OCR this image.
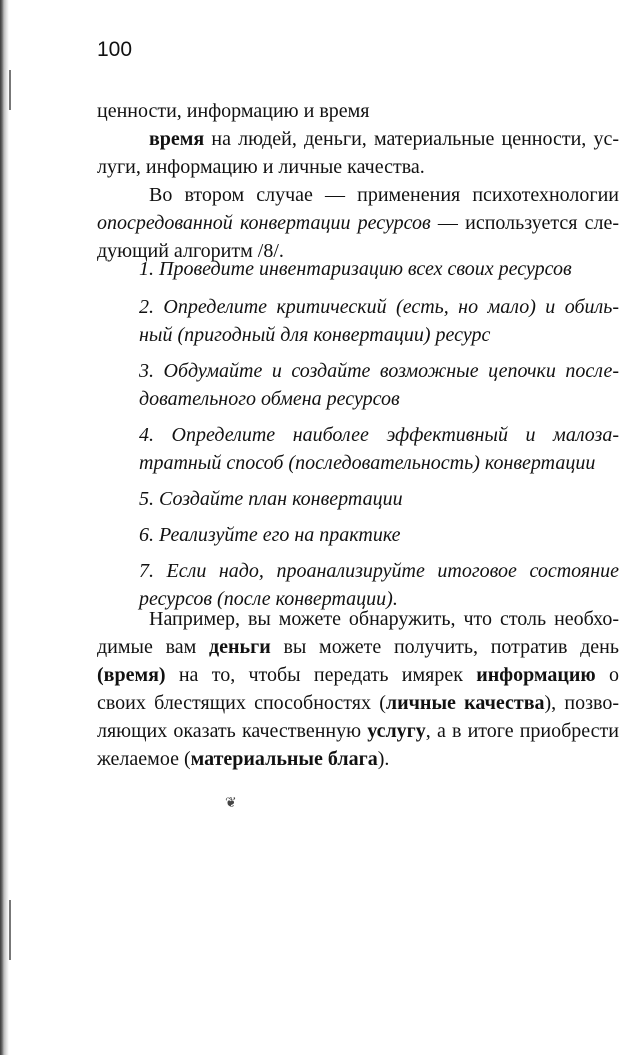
100
ценности, информацию и время
время на людей, деньги, материальные ценности, ус-
луги, информацию и личные качества.
Во втором случае — применения психотехнологии
опосредованной конвертации ресурсов — используется сле-
дующий алгоритм /8/.
1. Проведите инвентаризацию всех своих ресурсов
2. Определите критический (есть, но мало) и обиль-
ный (пригодный для конвертации) ресурс
3. Обдумайте и создайте возможные цепочки после-
довательного обмена ресурсов
4. Определите наиболее эффективный и малоза-
тратный способ (последовательность) конвертации
5. Создайте план конвертации
6. Реализуйте его на практике
7. Если надо, проанализируйте итоговое состояние
ресурсов (после конвертации).
Например, вы можете обнаружить, что столь необхо-
димые вам деньги вы можете получить, потратив день
(время) на то, чтобы передать имярек информацию о
своих блестящих способностях (личные качества), позво-
ляющих оказать качественную услугу, а в итоге приобрести
желаемое (материальные блага).
❦
